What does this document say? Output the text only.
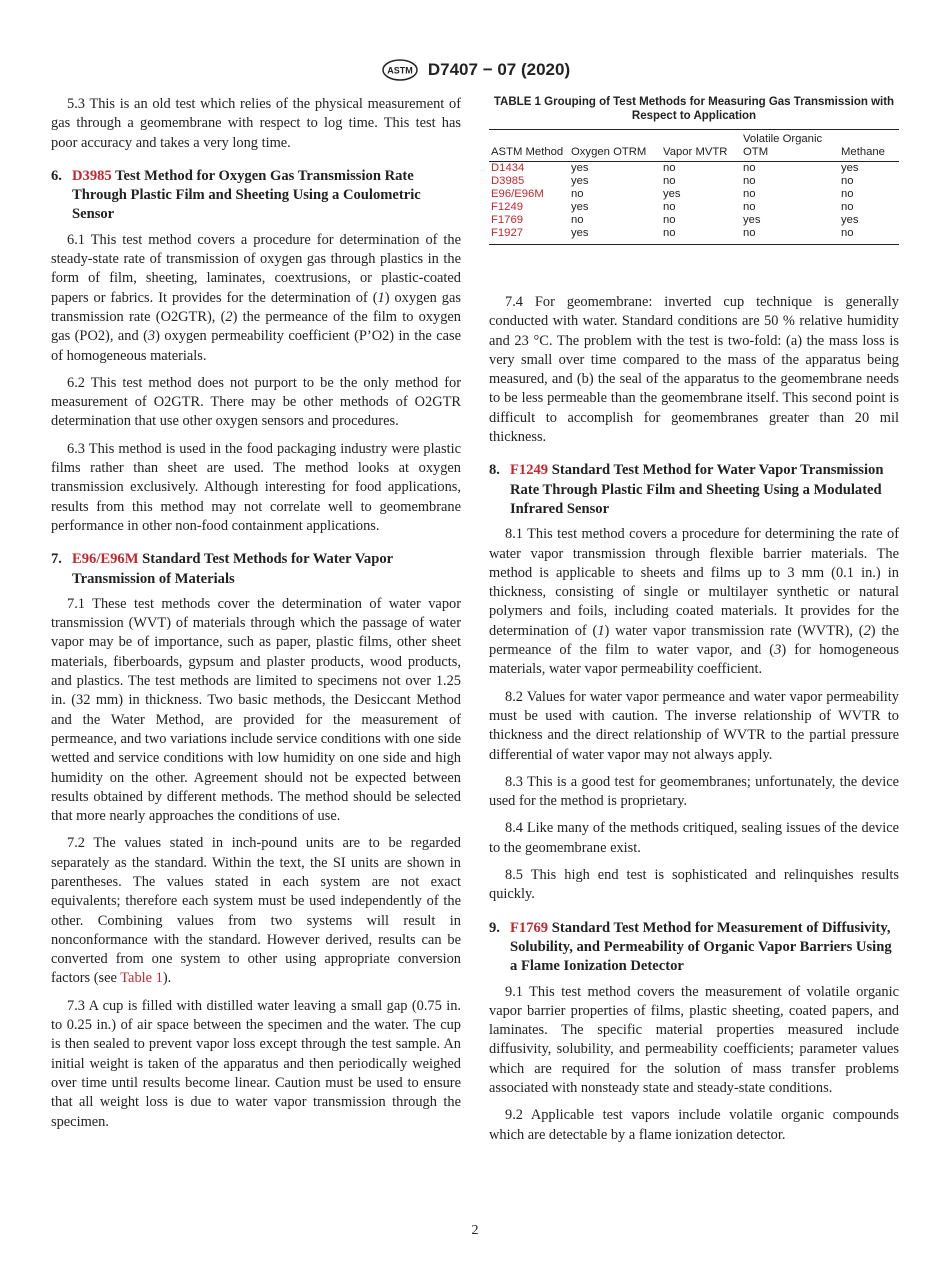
ASTM D7407 − 07 (2020)

5.3 This is an old test which relies of the physical measurement of gas through a geomembrane with respect to log time. This test has poor accuracy and takes a very long time.

6. D3985 Test Method for Oxygen Gas Transmission Rate Through Plastic Film and Sheeting Using a Coulometric Sensor

6.1 This test method covers a procedure for determination of the steady-state rate of transmission of oxygen gas through plastics in the form of film, sheeting, laminates, coextrusions, or plastic-coated papers or fabrics. It provides for the determination of (1) oxygen gas transmission rate (O2GTR), (2) the permeance of the film to oxygen gas (PO2), and (3) oxygen permeability coefficient (P’O2) in the case of homogeneous materials.

6.2 This test method does not purport to be the only method for measurement of O2GTR. There may be other methods of O2GTR determination that use other oxygen sensors and procedures.

6.3 This method is used in the food packaging industry were plastic films rather than sheet are used. The method looks at oxygen transmission exclusively. Although interesting for food applications, results from this method may not correlate well to geomembrane performance in other non-food containment applications.

7. E96/E96M Standard Test Methods for Water Vapor Transmission of Materials

7.1 These test methods cover the determination of water vapor transmission (WVT) of materials through which the passage of water vapor may be of importance, such as paper, plastic films, other sheet materials, fiberboards, gypsum and plaster products, wood products, and plastics. The test methods are limited to specimens not over 1.25 in. (32 mm) in thickness. Two basic methods, the Desiccant Method and the Water Method, are provided for the measurement of permeance, and two variations include service conditions with one side wetted and service conditions with low humidity on one side and high humidity on the other. Agreement should not be expected between results obtained by different methods. The method should be selected that more nearly approaches the conditions of use.

7.2 The values stated in inch-pound units are to be regarded separately as the standard. Within the text, the SI units are shown in parentheses. The values stated in each system are not exact equivalents; therefore each system must be used independently of the other. Combining values from two systems will result in nonconformance with the standard. However derived, results can be converted from one system to other using appropriate conversion factors (see Table 1).

7.3 A cup is filled with distilled water leaving a small gap (0.75 in. to 0.25 in.) of air space between the specimen and the water. The cup is then sealed to prevent vapor loss except through the test sample. An initial weight is taken of the apparatus and then periodically weighed over time until results become linear. Caution must be used to ensure that all weight loss is due to water vapor transmission through the specimen.

TABLE 1 Grouping of Test Methods for Measuring Gas Transmission with Respect to Application
ASTM Method	Oxygen OTRM	Vapor MVTR	Volatile Organic OTM	Methane
D1434	yes	no	no	yes
D3985	yes	no	no	no
E96/E96M	no	yes	no	no
F1249	yes	no	no	no
F1769	no	no	yes	yes
F1927	yes	no	no	no

7.4 For geomembrane: inverted cup technique is generally conducted with water. Standard conditions are 50 % relative humidity and 23 °C. The problem with the test is two-fold: (a) the mass loss is very small over time compared to the mass of the apparatus being measured, and (b) the seal of the apparatus to the geomembrane needs to be less permeable than the geomembrane itself. This second point is difficult to accomplish for geomembranes greater than 20 mil thickness.

8. F1249 Standard Test Method for Water Vapor Transmission Rate Through Plastic Film and Sheeting Using a Modulated Infrared Sensor

8.1 This test method covers a procedure for determining the rate of water vapor transmission through flexible barrier materials. The method is applicable to sheets and films up to 3 mm (0.1 in.) in thickness, consisting of single or multilayer synthetic or natural polymers and foils, including coated materials. It provides for the determination of (1) water vapor transmission rate (WVTR), (2) the permeance of the film to water vapor, and (3) for homogeneous materials, water vapor permeability coefficient.

8.2 Values for water vapor permeance and water vapor permeability must be used with caution. The inverse relationship of WVTR to thickness and the direct relationship of WVTR to the partial pressure differential of water vapor may not always apply.

8.3 This is a good test for geomembranes; unfortunately, the device used for the method is proprietary.

8.4 Like many of the methods critiqued, sealing issues of the device to the geomembrane exist.

8.5 This high end test is sophisticated and relinquishes results quickly.

9. F1769 Standard Test Method for Measurement of Diffusivity, Solubility, and Permeability of Organic Vapor Barriers Using a Flame Ionization Detector

9.1 This test method covers the measurement of volatile organic vapor barrier properties of films, plastic sheeting, coated papers, and laminates. The specific material properties measured include diffusivity, solubility, and permeability coefficients; parameter values which are required for the solution of mass transfer problems associated with nonsteady state and steady-state conditions.

9.2 Applicable test vapors include volatile organic compounds which are detectable by a flame ionization detector.

2
